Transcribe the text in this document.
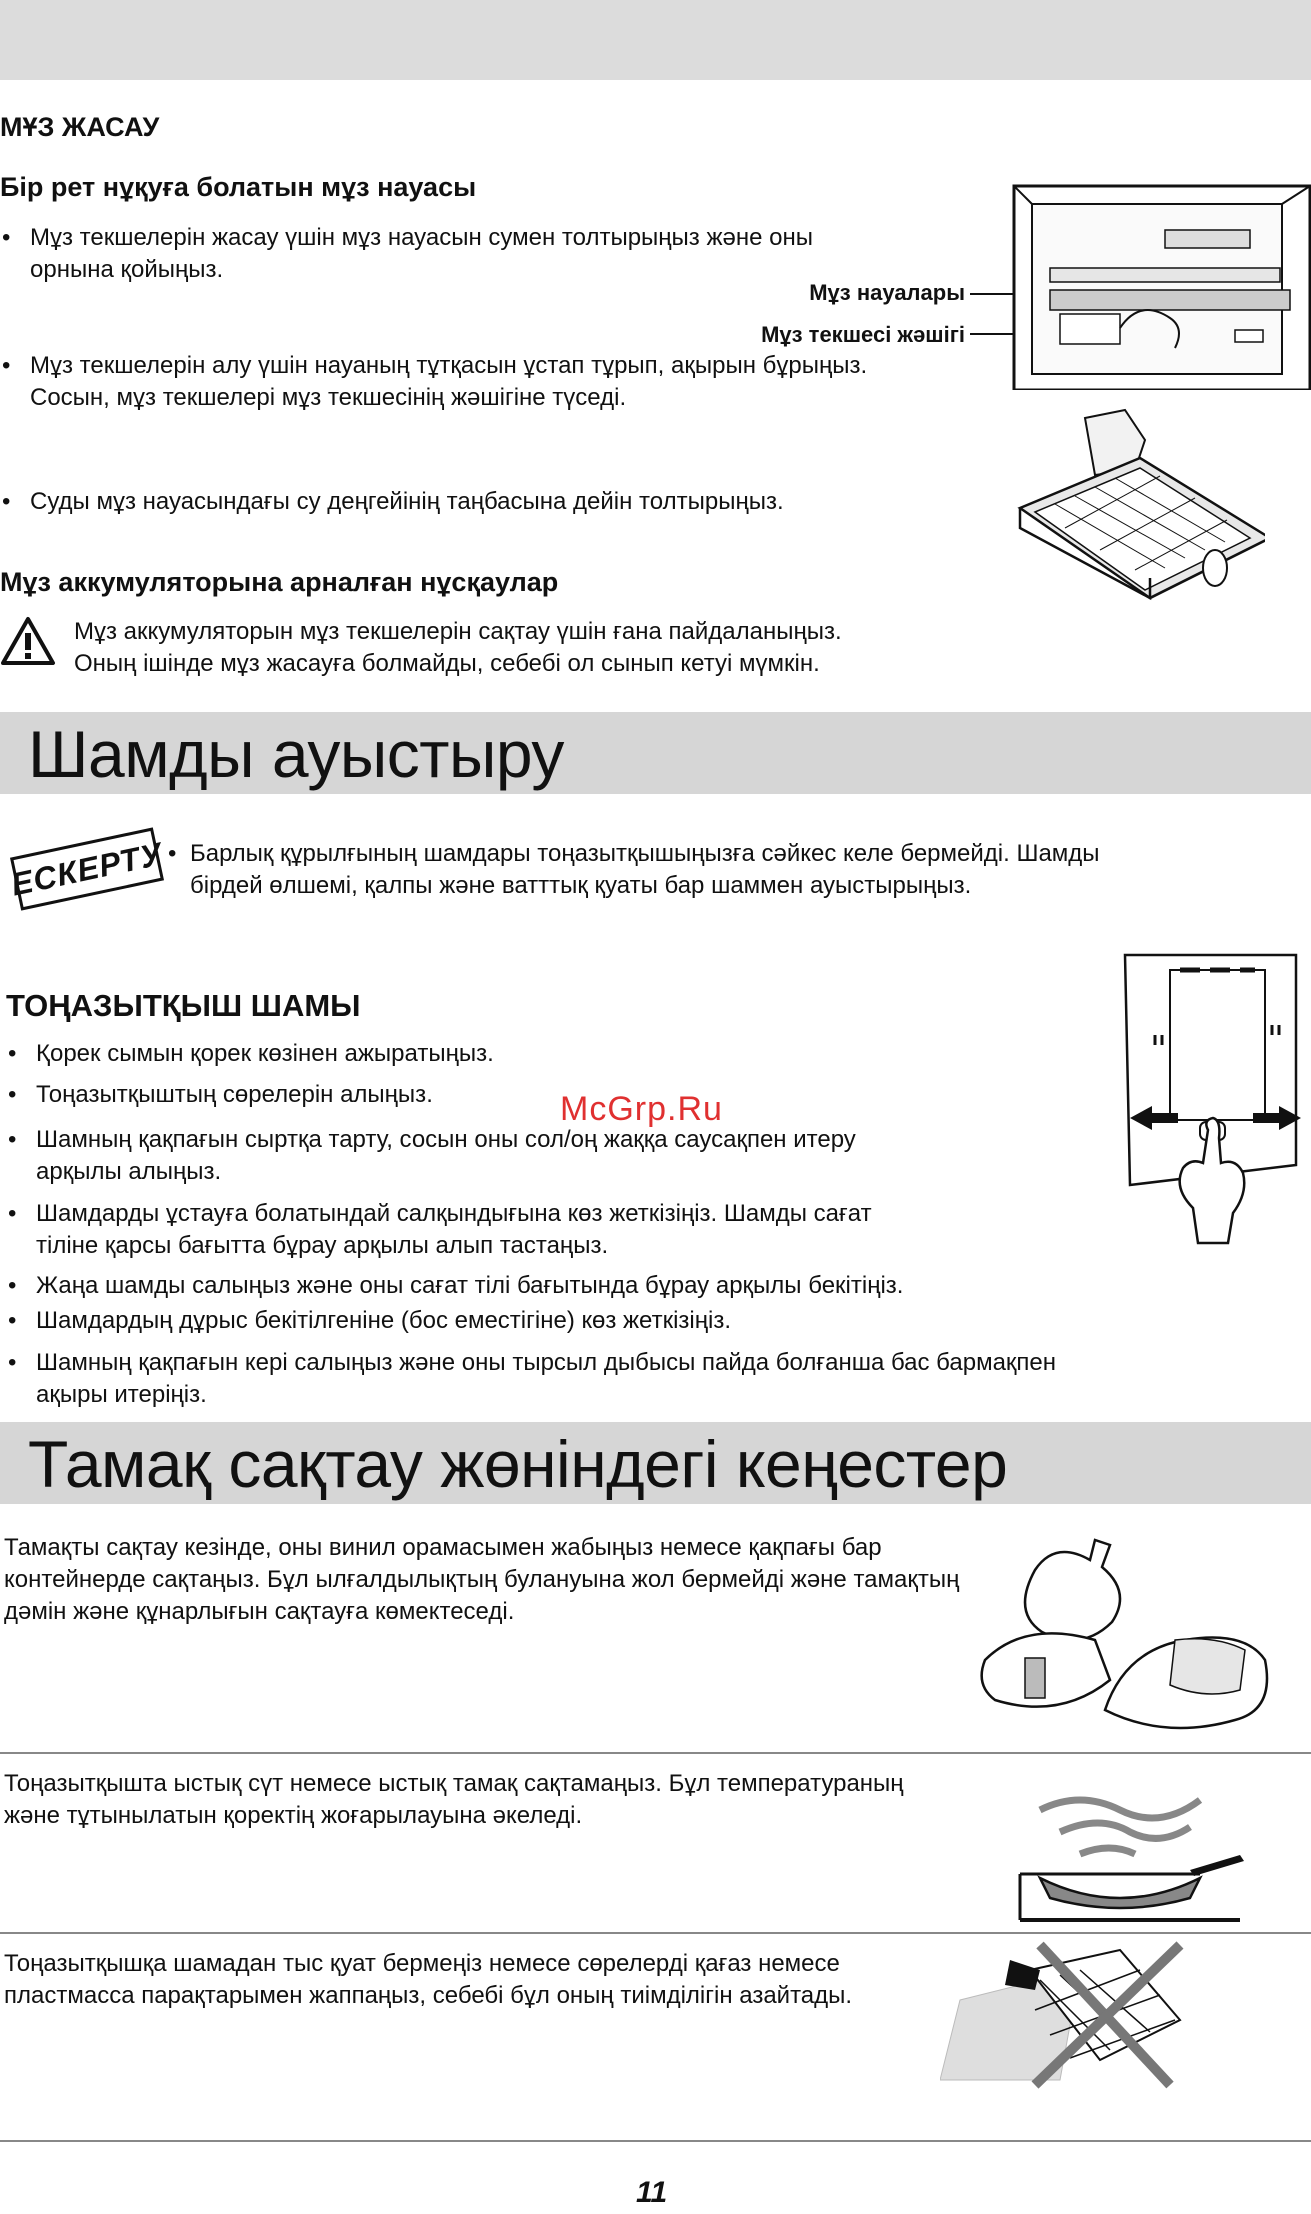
МҰЗ ЖАСАУ
Бір рет нұқуға болатын мұз науасы
• Мұз текшелерін жасау үшін мұз науасын сумен толтырыңыз және оны орнына қойыңыз.
• Мұз текшелерін алу үшін науаның тұтқасын ұстап тұрып, ақырын бұрыңыз. Сосын, мұз текшелері мұз текшесінің жәшігіне түседі.
• Суды мұз науасындағы су деңгейінің таңбасына дейін толтырыңыз.
Мұз науалары
Мұз текшесі жәшігі
Мұз аккумуляторына арналған нұсқаулар
Мұз аккумуляторын мұз текшелерін сақтау үшін ғана пайдаланыңыз.
Оның ішінде мұз жасауға болмайды, себебі ол сынып кетуі мүмкін.
Шамды ауыстыру
ЕСКЕРТУ • Барлық құрылғының шамдары тоңазытқышыңызға сәйкес келе бермейді. Шамды
бірдей өлшемі, қалпы және ватттық қуаты бар шаммен ауыстырыңыз.
ТОҢАЗЫТҚЫШ ШАМЫ
• Қорек сымын қорек көзінен ажыратыңыз.
• Тоңазытқыштың сөрелерін алыңыз.
• Шамның қақпағын сыртқа тарту, сосын оны сол/оң жаққа саусақпен итеру арқылы алыңыз.
• Шамдарды ұстауға болатындай салқындығына көз жеткізіңіз. Шамды сағат тіліне қарсы бағытта бұрау арқылы алып тастаңыз.
• Жаңа шамды салыңыз және оны сағат тілі бағытында бұрау арқылы бекітіңіз.
• Шамдардың дұрыс бекітілгеніне (бос еместігіне) көз жеткізіңіз.
• Шамның қақпағын кері салыңыз және оны тырсыл дыбысы пайда болғанша бас бармақпен ақыры итеріңіз.
McGrp.Ru
Тамақ сақтау жөніндегі кеңестер
Тамақты сақтау кезінде, оны винил орамасымен жабыңыз немесе қақпағы бар контейнерде сақтаңыз. Бұл ылғалдылықтың булануына жол бермейді және тамақтың дәмін және құнарлығын сақтауға көмектеседі.
Тоңазытқышта ыстық сүт немесе ыстық тамақ сақтамаңыз. Бұл температураның және тұтынылатын қоректің жоғарылауына әкеледі.
Тоңазытқышқа шамадан тыс қуат бермеңіз немесе сөрелерді қағаз немесе пластмасса парақтарымен жаппаңыз, себебі бұл оның тиімділігін азайтады.
11
